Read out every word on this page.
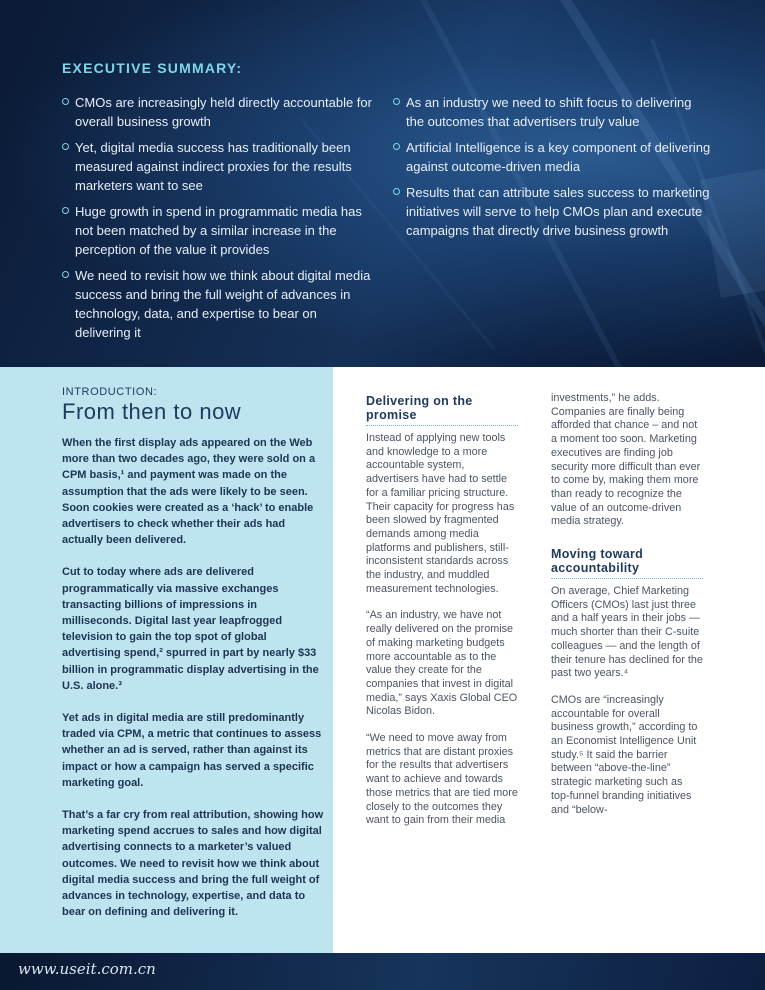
EXECUTIVE SUMMARY:
CMOs are increasingly held directly accountable for overall business growth
Yet, digital media success has traditionally been measured against indirect proxies for the results marketers want to see
Huge growth in spend in programmatic media has not been matched by a similar increase in the perception of the value it provides
We need to revisit how we think about digital media success and bring the full weight of advances in technology, data, and expertise to bear on delivering it
As an industry we need to shift focus to delivering the outcomes that advertisers truly value
Artificial Intelligence is a key component of delivering against outcome-driven media
Results that can attribute sales success to marketing initiatives will serve to help CMOs plan and execute campaigns that directly drive business growth

INTRODUCTION:

From then to now

When the first display ads appeared on the Web more than two decades ago, they were sold on a CPM basis,¹ and payment was made on the assumption that the ads were likely to be seen. Soon cookies were created as a ‘hack’ to enable advertisers to check whether their ads had actually been delivered.

Cut to today where ads are delivered programmatically via massive exchanges transacting billions of impressions in milliseconds. Digital last year leapfrogged television to gain the top spot of global advertising spend,² spurred in part by nearly $33 billion in programmatic display advertising in the U.S. alone.³

Yet ads in digital media are still predominantly traded via CPM, a metric that continues to assess whether an ad is served, rather than against its impact or how a campaign has served a specific marketing goal.

That’s a far cry from real attribution, showing how marketing spend accrues to sales and how digital advertising connects to a marketer’s valued outcomes. We need to revisit how we think about digital media success and bring the full weight of advances in technology, expertise, and data to bear on defining and delivering it.

Delivering on the promise

Instead of applying new tools and knowledge to a more accountable system, advertisers have had to settle for a familiar pricing structure. Their capacity for progress has been slowed by fragmented demands among media platforms and publishers, still-inconsistent standards across the industry, and muddled measurement technologies.

“As an industry, we have not really delivered on the promise of making marketing budgets more accountable as to the value they create for the companies that invest in digital media,” says Xaxis Global CEO Nicolas Bidon.

“We need to move away from metrics that are distant proxies for the results that advertisers want to achieve and towards those metrics that are tied more closely to the outcomes they want to gain from their media

investments,” he adds. Companies are finally being afforded that chance – and not a moment too soon. Marketing executives are finding job security more difficult than ever to come by, making them more than ready to recognize the value of an outcome-driven media strategy.

Moving toward accountability

On average, Chief Marketing Officers (CMOs) last just three and a half years in their jobs — much shorter than their C-suite colleagues — and the length of their tenure has declined for the past two years.⁴

CMOs are “increasingly accountable for overall business growth,” according to an Economist Intelligence Unit study.⁵ It said the barrier between “above-the-line” strategic marketing such as top-funnel branding initiatives and “below-

www.useit.com.cn
